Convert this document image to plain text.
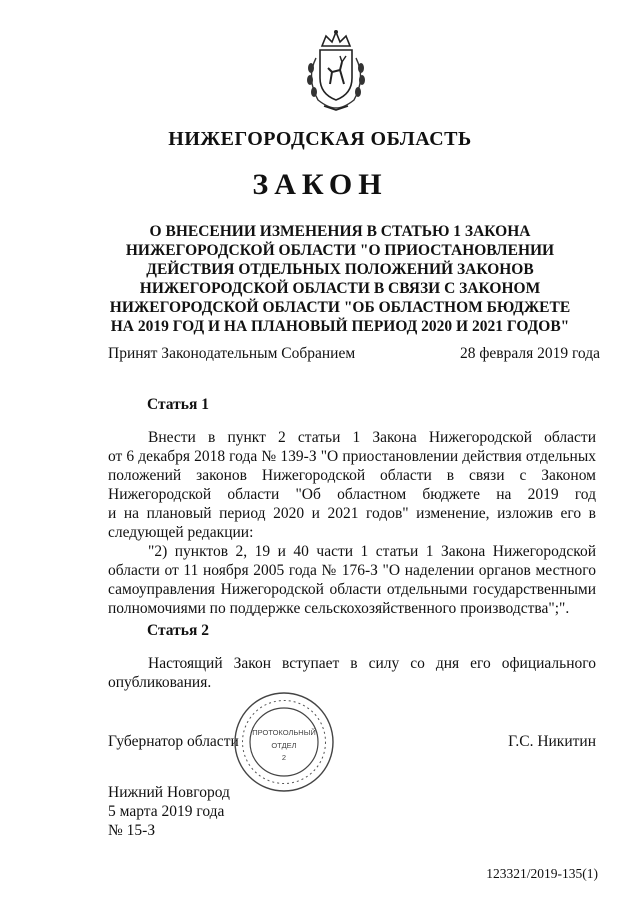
НИЖЕГОРОДСКАЯ ОБЛАСТЬ
ЗАКОН
О ВНЕСЕНИИ ИЗМЕНЕНИЯ В СТАТЬЮ 1 ЗАКОНА
НИЖЕГОРОДСКОЙ ОБЛАСТИ "О ПРИОСТАНОВЛЕНИИ
ДЕЙСТВИЯ ОТДЕЛЬНЫХ ПОЛОЖЕНИЙ ЗАКОНОВ
НИЖЕГОРОДСКОЙ ОБЛАСТИ В СВЯЗИ С ЗАКОНОМ
НИЖЕГОРОДСКОЙ ОБЛАСТИ "ОБ ОБЛАСТНОМ БЮДЖЕТЕ
НА 2019 ГОД И НА ПЛАНОВЫЙ ПЕРИОД 2020 И 2021 ГОДОВ"
Принят Законодательным Собранием	28 февраля 2019 года
Статья 1
Внести в пункт 2 статьи 1 Закона Нижегородской области
от 6 декабря 2018 года № 139-З "О приостановлении действия отдельных
положений законов Нижегородской области в связи с Законом
Нижегородской области "Об областном бюджете на 2019 год
и на плановый период 2020 и 2021 годов" изменение, изложив его в
следующей редакции:
"2) пунктов 2, 19 и 40 части 1 статьи 1 Закона Нижегородской
области от 11 ноября 2005 года № 176-З "О наделении органов местного
самоуправления Нижегородской области отдельными государственными
полномочиями по поддержке сельскохозяйственного производства";".
Статья 2
Настоящий Закон вступает в силу со дня его официального
опубликования.
Губернатор области	Г.С. Никитин
ПРОТОКОЛЬНЫЙ
ОТДЕЛ
2
Нижний Новгород
5 марта 2019 года
№ 15-З
123321/2019-135(1)
